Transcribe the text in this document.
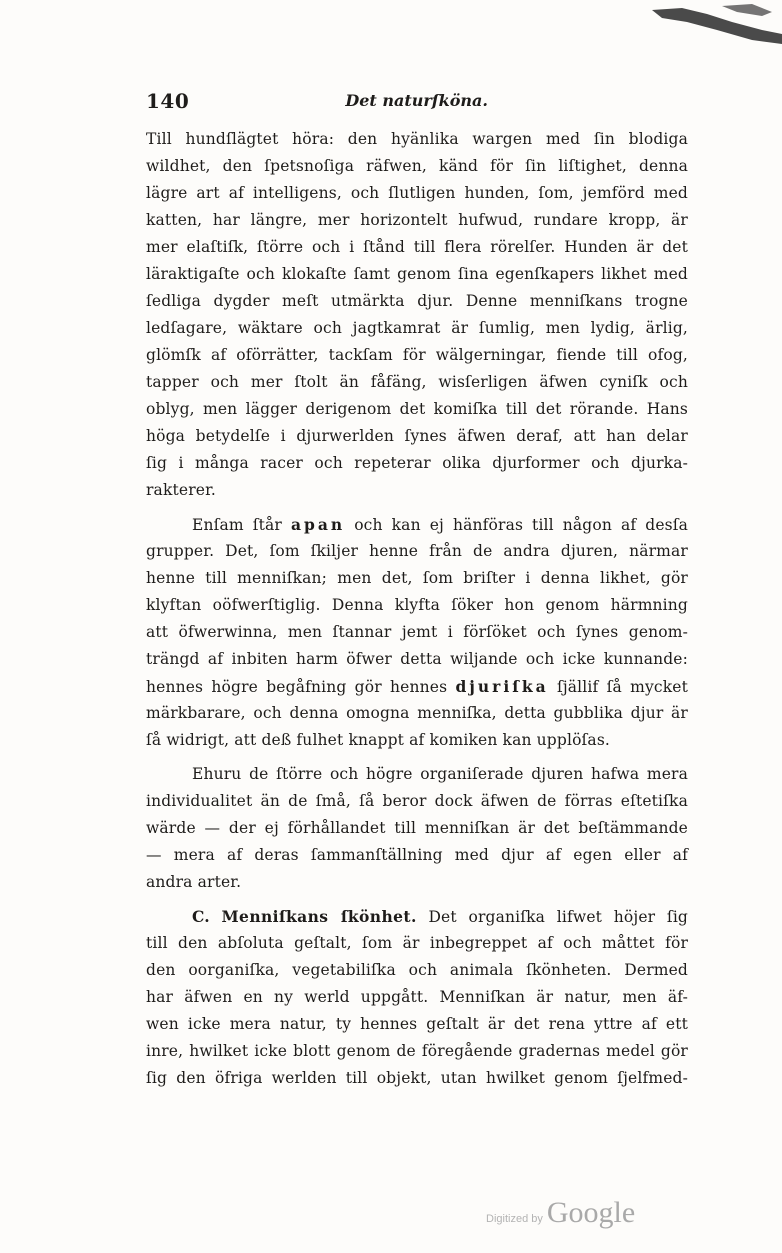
140	Det naturſköna.
Till hundſlägtet höra: den hyänlika wargen med ſin blodiga
wildhet, den ſpetsnoſiga räfwen, känd för ſin liſtighet, denna
lägre art af intelligens, och ſlutligen hunden, ſom, jemförd med
katten, har längre, mer horizontelt hufwud, rundare kropp, är
mer elaſtiſk, ſtörre och i ſtånd till flera rörelſer. Hunden är det
läraktigaſte och klokaſte ſamt genom ſina egenſkapers likhet med
ſedliga dygder meſt utmärkta djur. Denne menniſkans trogne
ledſagare, wäktare och jagtkamrat är ſumlig, men lydig, ärlig,
glömſk af oförrätter, tackſam för wälgerningar, fiende till ofog,
tapper och mer ſtolt än fåfäng, wisſerligen äfwen cyniſk och
oblyg, men lägger derigenom det komiſka till det rörande. Hans
höga betydelſe i djurwerlden ſynes äfwen deraf, att han delar
ſig i många racer och repeterar olika djurformer och djurka-
rakterer.
Enſam ſtår apan och kan ej hänföras till någon af desſa
grupper. Det, ſom ſkiljer henne från de andra djuren, närmar
henne till menniſkan; men det, ſom briſter i denna likhet, gör
klyftan oöfwerſtiglig. Denna klyfta ſöker hon genom härmning
att öfwerwinna, men ſtannar jemt i förſöket och ſynes genom-
trängd af inbiten harm öfwer detta wiljande och icke kunnande:
hennes högre begåfning gör hennes djuriſka ſjällif ſå mycket
märkbarare, och denna omogna menniſka, detta gubblika djur är
ſå widrigt, att deß fulhet knappt af komiken kan upplöſas.
Ehuru de ſtörre och högre organiſerade djuren hafwa mera
individualitet än de ſmå, ſå beror dock äfwen de förras eſtetiſka
wärde — der ej förhållandet till menniſkan är det beſtämmande
— mera af deras ſammanſtällning med djur af egen eller af
andra arter.
C. Menniſkans ſkönhet. Det organiſka lifwet höjer ſig
till den abſoluta geſtalt, ſom är inbegreppet af och måttet för
den oorganiſka, vegetabiliſka och animala ſkönheten. Dermed
har äfwen en ny werld uppgått. Menniſkan är natur, men äf-
wen icke mera natur, ty hennes geſtalt är det rena yttre af ett
inre, hwilket icke blott genom de föregående gradernas medel gör
ſig den öfriga werlden till objekt, utan hwilket genom ſjelfmed-
Digitized by Google
